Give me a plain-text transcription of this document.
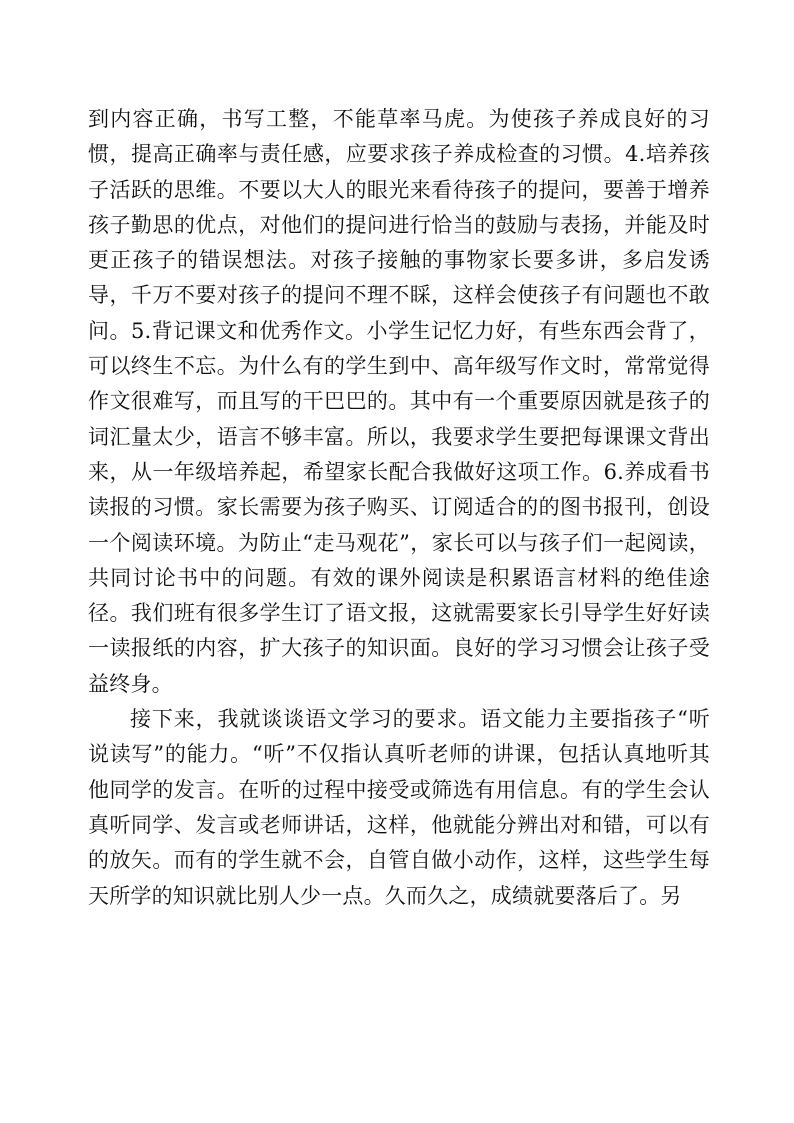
到内容正确，书写工整，不能草率马虎。为使孩子养成良好的习惯，提高正确率与责任感，应要求孩子养成检查的习惯。4.培养孩子活跃的思维。不要以大人的眼光来看待孩子的提问，要善于增养孩子勤思的优点，对他们的提问进行恰当的鼓励与表扬，并能及时更正孩子的错误想法。对孩子接触的事物家长要多讲，多启发诱导，千万不要对孩子的提问不理不睬，这样会使孩子有问题也不敢问。5.背记课文和优秀作文。小学生记忆力好，有些东西会背了，可以终生不忘。为什么有的学生到中、高年级写作文时，常常觉得作文很难写，而且写的干巴巴的。其中有一个重要原因就是孩子的词汇量太少，语言不够丰富。所以，我要求学生要把每课课文背出来，从一年级培养起，希望家长配合我做好这项工作。6.养成看书读报的习惯。家长需要为孩子购买、订阅适合的的图书报刊，创设一个阅读环境。为防止“走马观花”，家长可以与孩子们一起阅读，共同讨论书中的问题。有效的课外阅读是积累语言材料的绝佳途径。我们班有很多学生订了语文报，这就需要家长引导学生好好读一读报纸的内容，扩大孩子的知识面。良好的学习习惯会让孩子受益终身。

接下来，我就谈谈语文学习的要求。语文能力主要指孩子“听说读写”的能力。“听”不仅指认真听老师的讲课，包括认真地听其他同学的发言。在听的过程中接受或筛选有用信息。有的学生会认真听同学、发言或老师讲话，这样，他就能分辨出对和错，可以有的放矢。而有的学生就不会，自管自做小动作，这样，这些学生每天所学的知识就比别人少一点。久而久之，成绩就要落后了。另
